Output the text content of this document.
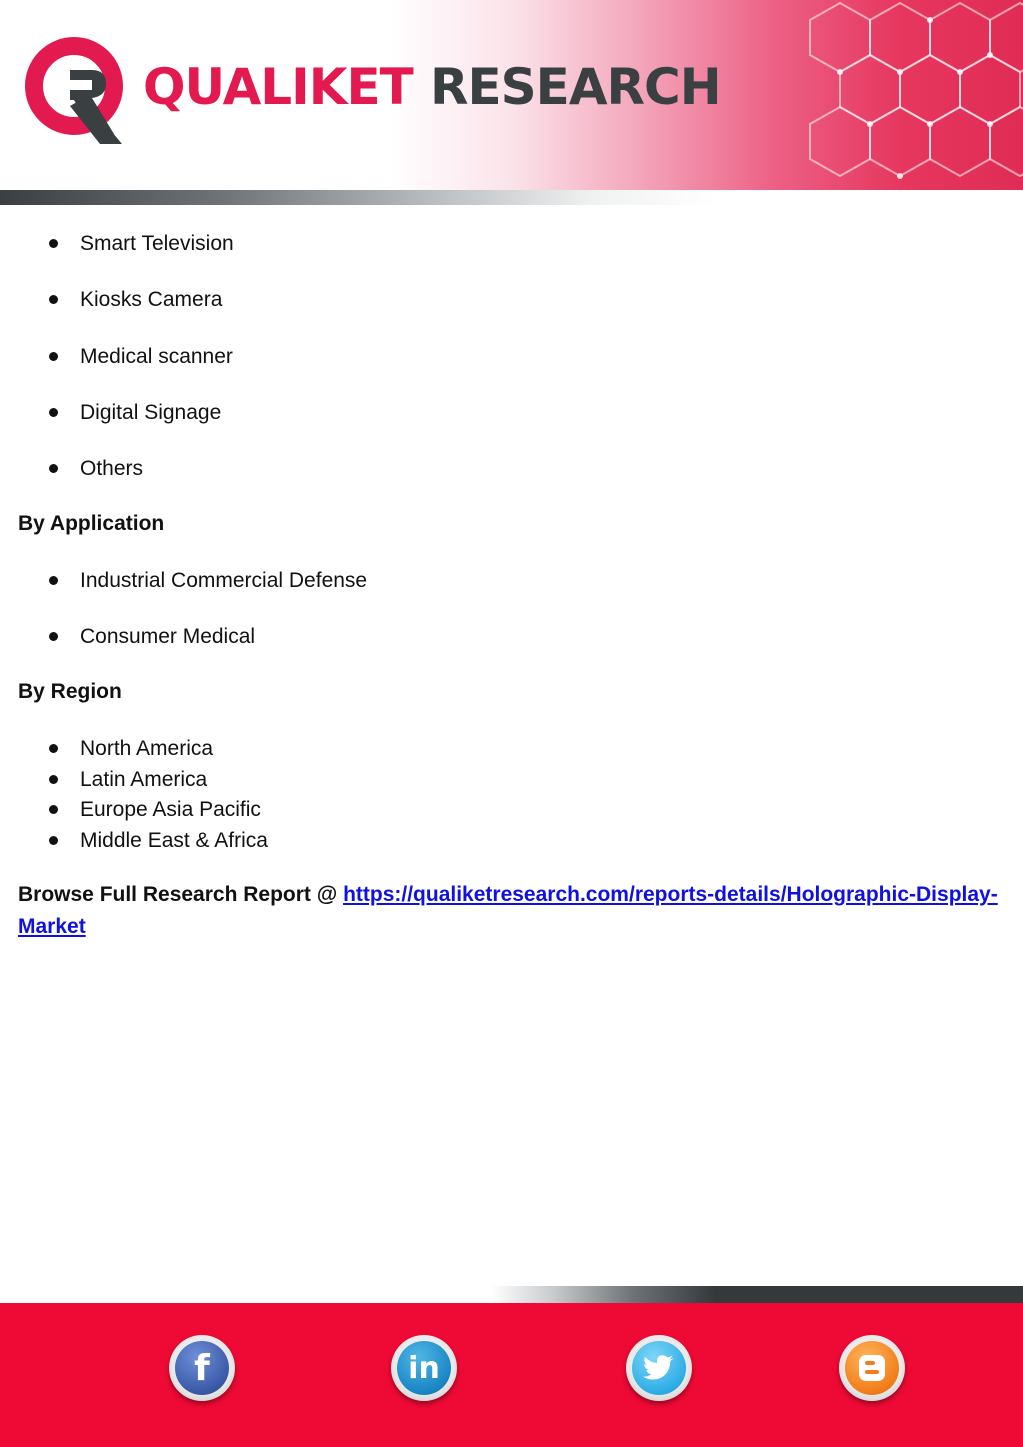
QUALIKET RESEARCH
Smart Television
Kiosks Camera
Medical scanner
Digital Signage
Others
By Application
Industrial Commercial Defense
Consumer Medical
By Region
North America
Latin America
Europe Asia Pacific
Middle East & Africa
Browse Full Research Report @ https://qualiketresearch.com/reports-details/Holographic-Display-Market
f	in
